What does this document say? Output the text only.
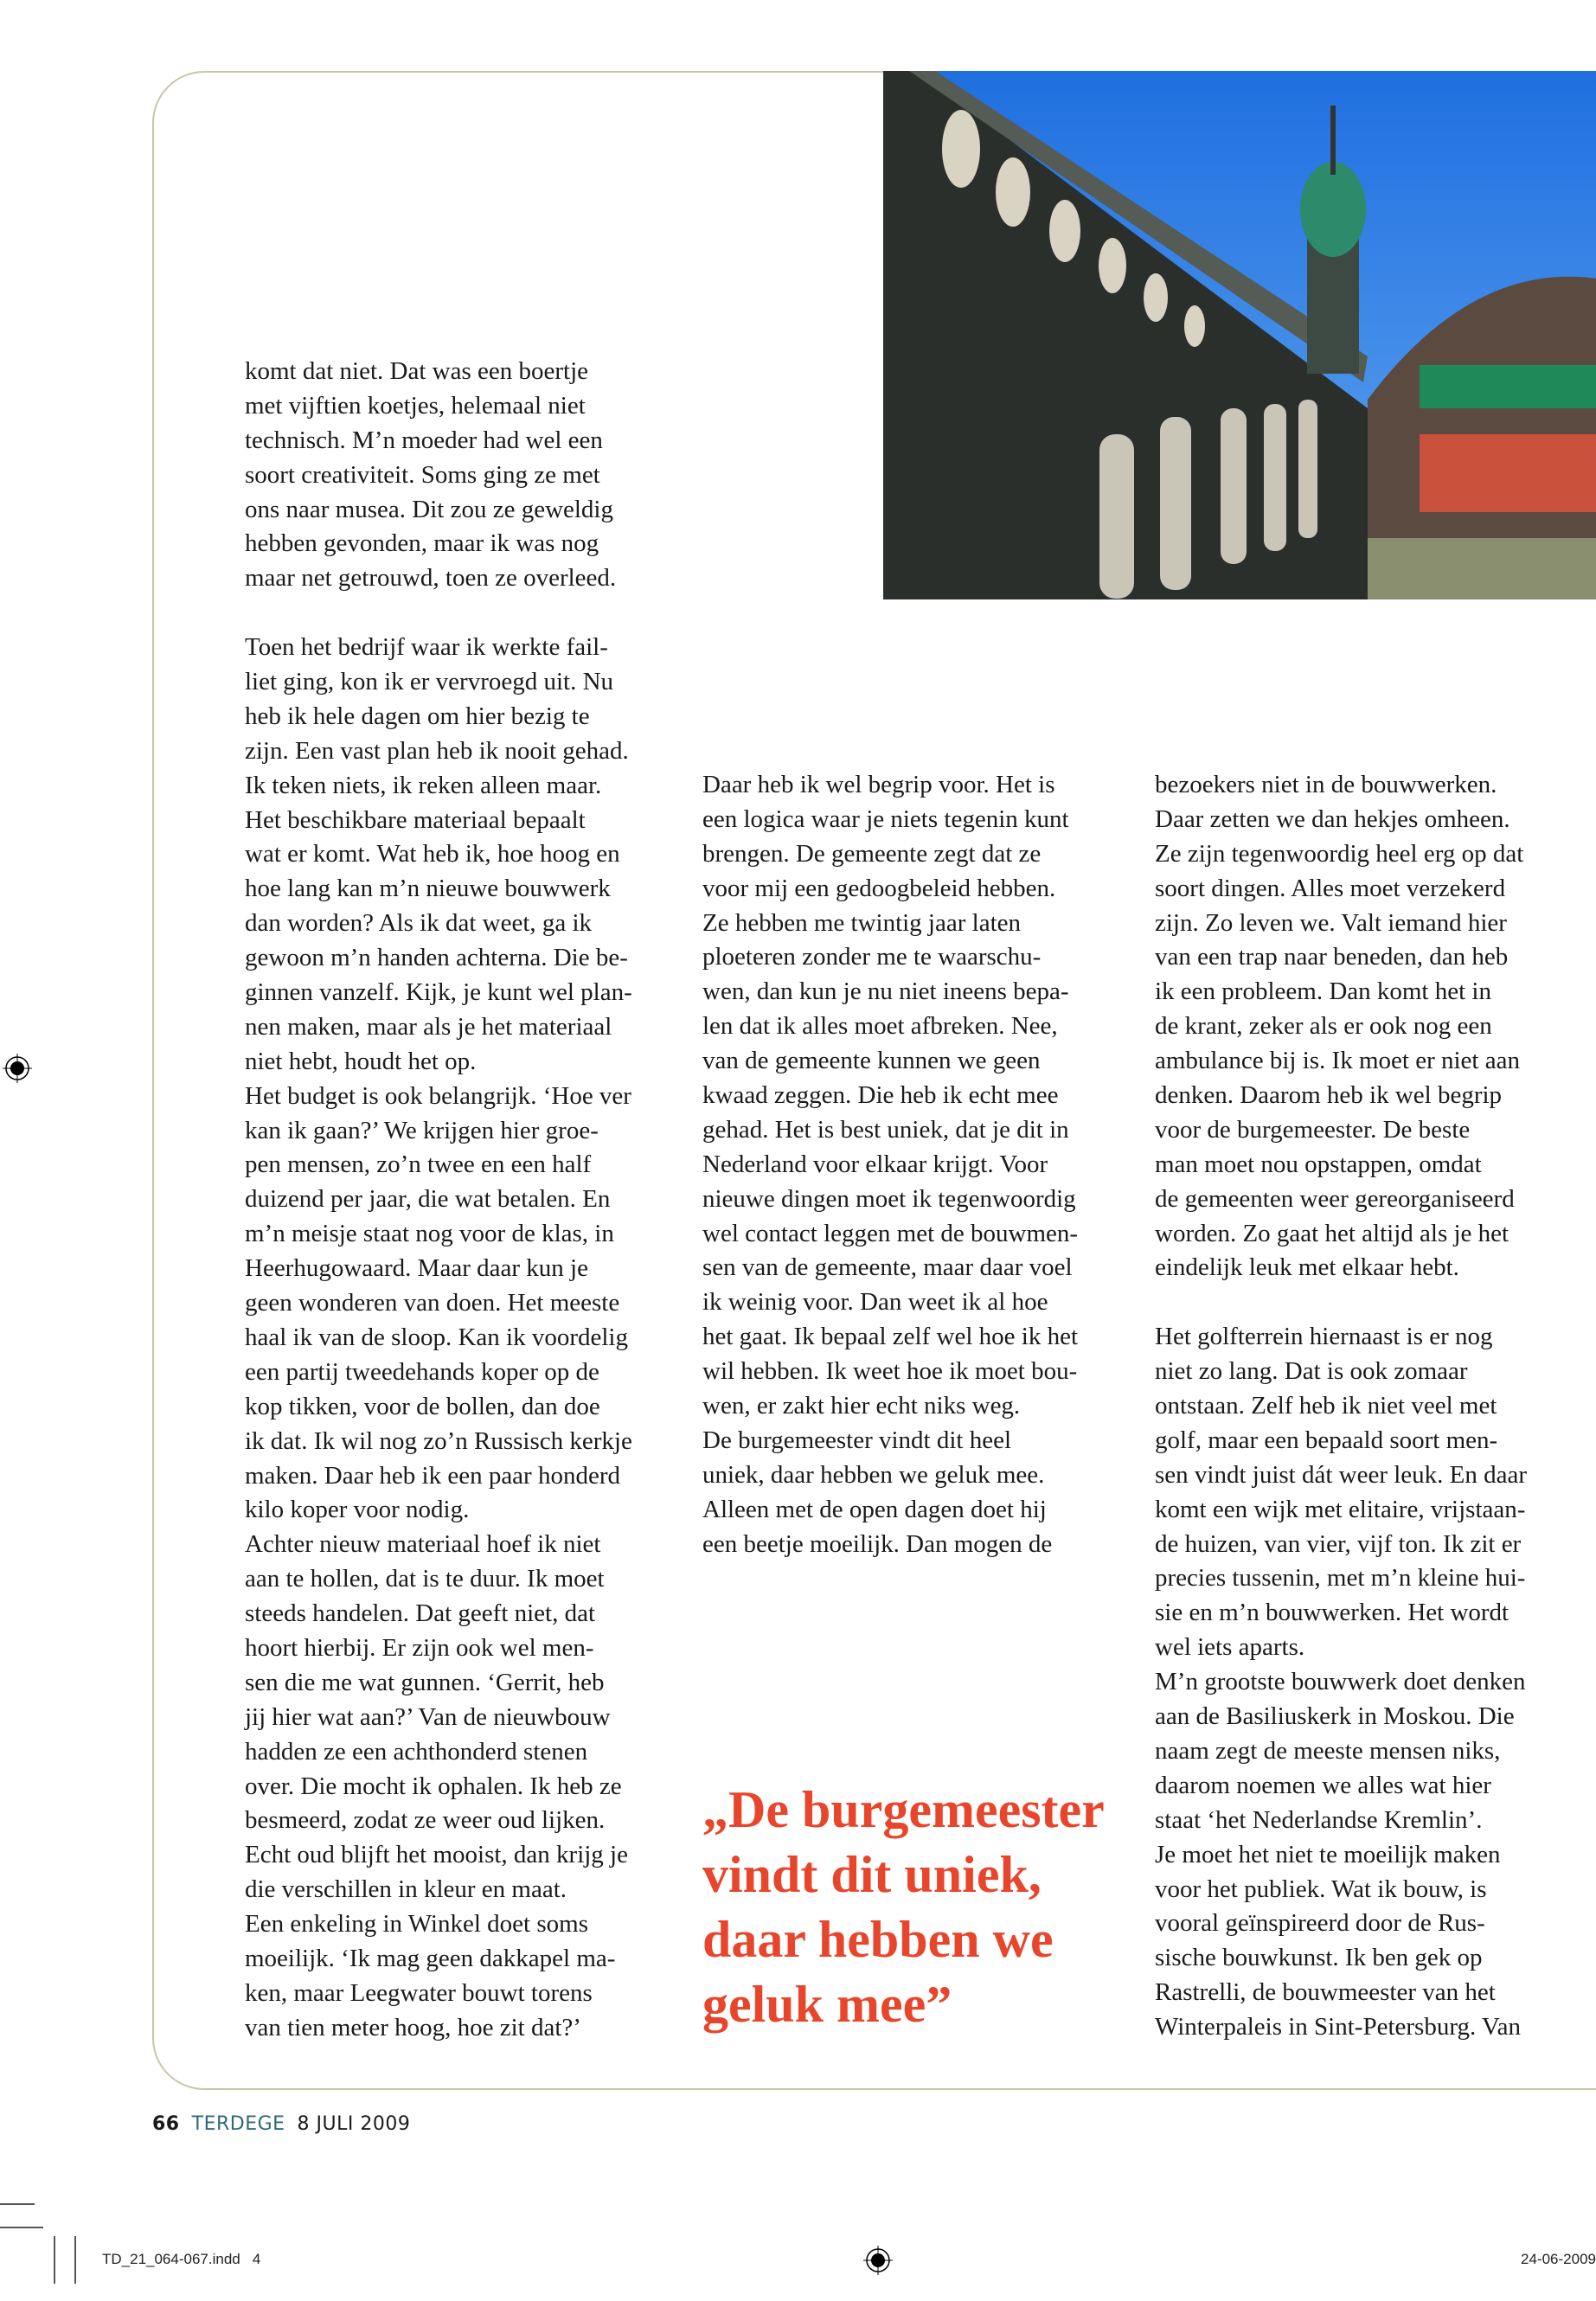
komt dat niet. Dat was een boertje
met vijftien koetjes, helemaal niet
technisch. M’n moeder had wel een
soort creativiteit. Soms ging ze met
ons naar musea. Dit zou ze geweldig
hebben gevonden, maar ik was nog
maar net getrouwd, toen ze overleed.
Toen het bedrijf waar ik werkte fail-
liet ging, kon ik er vervroegd uit. Nu
heb ik hele dagen om hier bezig te
zijn. Een vast plan heb ik nooit gehad.
Ik teken niets, ik reken alleen maar.
Het beschikbare materiaal bepaalt
wat er komt. Wat heb ik, hoe hoog en
hoe lang kan m’n nieuwe bouwwerk
dan worden? Als ik dat weet, ga ik
gewoon m’n handen achterna. Die be-
ginnen vanzelf. Kijk, je kunt wel plan-
nen maken, maar als je het materiaal
niet hebt, houdt het op.
Het budget is ook belangrijk. ‘Hoe ver
kan ik gaan?’ We krijgen hier groe-
pen mensen, zo’n twee en een half
duizend per jaar, die wat betalen. En
m’n meisje staat nog voor de klas, in
Heerhugowaard. Maar daar kun je
geen wonderen van doen. Het meeste
haal ik van de sloop. Kan ik voordelig
een partij tweedehands koper op de
kop tikken, voor de bollen, dan doe
ik dat. Ik wil nog zo’n Russisch kerkje
maken. Daar heb ik een paar honderd
kilo koper voor nodig.
Achter nieuw materiaal hoef ik niet
aan te hollen, dat is te duur. Ik moet
steeds handelen. Dat geeft niet, dat
hoort hierbij. Er zijn ook wel men-
sen die me wat gunnen. ‘Gerrit, heb
jij hier wat aan?’ Van de nieuwbouw
hadden ze een achthonderd stenen
over. Die mocht ik ophalen. Ik heb ze
besmeerd, zodat ze weer oud lijken.
Echt oud blijft het mooist, dan krijg je
die verschillen in kleur en maat.
Een enkeling in Winkel doet soms
moeilijk. ‘Ik mag geen dakkapel ma-
ken, maar Leegwater bouwt torens
van tien meter hoog, hoe zit dat?’
Daar heb ik wel begrip voor. Het is
een logica waar je niets tegenin kunt
brengen. De gemeente zegt dat ze
voor mij een gedoogbeleid hebben.
Ze hebben me twintig jaar laten
ploeteren zonder me te waarschu-
wen, dan kun je nu niet ineens bepa-
len dat ik alles moet afbreken. Nee,
van de gemeente kunnen we geen
kwaad zeggen. Die heb ik echt mee
gehad. Het is best uniek, dat je dit in
Nederland voor elkaar krijgt. Voor
nieuwe dingen moet ik tegenwoordig
wel contact leggen met de bouwmen-
sen van de gemeente, maar daar voel
ik weinig voor. Dan weet ik al hoe
het gaat. Ik bepaal zelf wel hoe ik het
wil hebben. Ik weet hoe ik moet bou-
wen, er zakt hier echt niks weg.
De burgemeester vindt dit heel
uniek, daar hebben we geluk mee.
Alleen met de open dagen doet hij
een beetje moeilijk. Dan mogen de
bezoekers niet in de bouwwerken.
Daar zetten we dan hekjes omheen.
Ze zijn tegenwoordig heel erg op dat
soort dingen. Alles moet verzekerd
zijn. Zo leven we. Valt iemand hier
van een trap naar beneden, dan heb
ik een probleem. Dan komt het in
de krant, zeker als er ook nog een
ambulance bij is. Ik moet er niet aan
denken. Daarom heb ik wel begrip
voor de burgemeester. De beste
man moet nou opstappen, omdat
de gemeenten weer gereorganiseerd
worden. Zo gaat het altijd als je het
eindelijk leuk met elkaar hebt.
Het golfterrein hiernaast is er nog
niet zo lang. Dat is ook zomaar
ontstaan. Zelf heb ik niet veel met
golf, maar een bepaald soort men-
sen vindt juist dát weer leuk. En daar
komt een wijk met elitaire, vrijstaan-
de huizen, van vier, vijf ton. Ik zit er
precies tussenin, met m’n kleine hui-
sie en m’n bouwwerken. Het wordt
wel iets aparts.
M’n grootste bouwwerk doet denken
aan de Basiliuskerk in Moskou. Die
naam zegt de meeste mensen niks,
daarom noemen we alles wat hier
staat ‘het Nederlandse Kremlin’.
Je moet het niet te moeilijk maken
voor het publiek. Wat ik bouw, is
vooral geïnspireerd door de Rus-
sische bouwkunst. Ik ben gek op
Rastrelli, de bouwmeester van het
Winterpaleis in Sint-Petersburg. Van
„De burgemeester
vindt dit uniek,
daar hebben we
geluk mee”
66 TERDEGE 8 JULI 2009
TD_21_064-067.indd   4	24-06-2009
